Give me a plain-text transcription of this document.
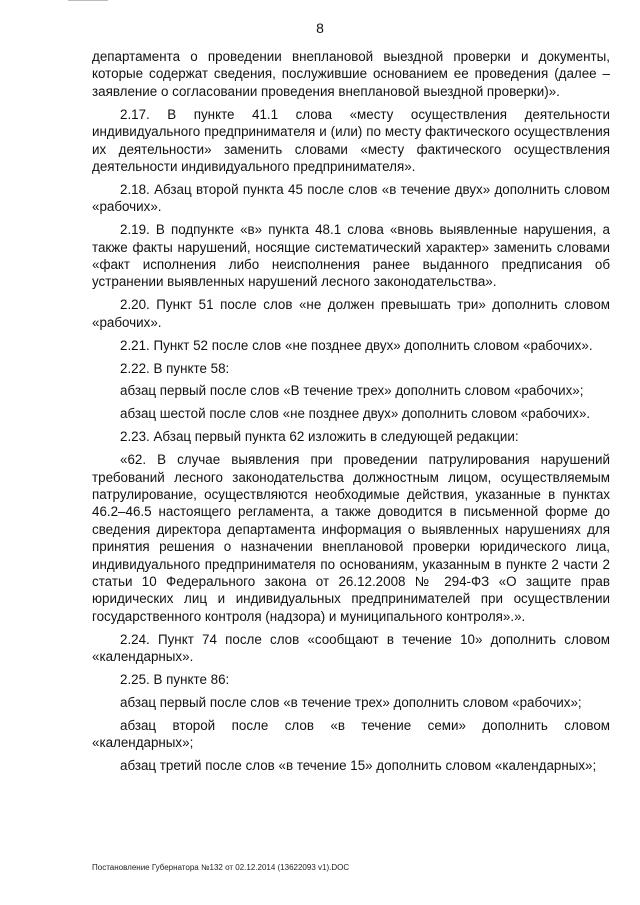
8

департамента о проведении внеплановой выездной проверки и документы, которые содержат сведения, послужившие основанием ее проведения (далее – заявление о согласовании проведения внеплановой выездной проверки)».

2.17. В пункте 41.1 слова «месту осуществления деятельности индивидуального предпринимателя и (или) по месту фактического осуществления их деятельности» заменить словами «месту фактического осуществления деятельности индивидуального предпринимателя».

2.18. Абзац второй пункта 45 после слов «в течение двух» дополнить словом «рабочих».

2.19. В подпункте «в» пункта 48.1 слова «вновь выявленные нарушения, а также факты нарушений, носящие систематический характер» заменить словами «факт исполнения либо неисполнения ранее выданного предписания об устранении выявленных нарушений лесного законодательства».

2.20. Пункт 51 после слов «не должен превышать три» дополнить словом «рабочих».

2.21. Пункт 52 после слов «не позднее двух» дополнить словом «рабочих».

2.22. В пункте 58:

абзац первый после слов «В течение трех» дополнить словом «рабочих»;

абзац шестой после слов «не позднее двух» дополнить словом «рабочих».

2.23. Абзац первый пункта 62 изложить в следующей редакции:

«62. В случае выявления при проведении патрулирования нарушений требований лесного законодательства должностным лицом, осуществляемым патрулирование, осуществляются необходимые действия, указанные в пунктах 46.2–46.5 настоящего регламента, а также доводится в письменной форме до сведения директора департамента информация о выявленных нарушениях для принятия решения о назначении внеплановой проверки юридического лица, индивидуального предпринимателя по основаниям, указанным в пункте 2 части 2 статьи 10 Федерального закона от 26.12.2008 № 294-ФЗ «О защите прав юридических лиц и индивидуальных предпринимателей при осуществлении государственного контроля (надзора) и муниципального контроля».».

2.24. Пункт 74 после слов «сообщают в течение 10» дополнить словом «календарных».

2.25. В пункте 86:

абзац первый после слов «в течение трех» дополнить словом «рабочих»;

абзац второй после слов «в течение семи» дополнить словом «календарных»;

абзац третий после слов «в течение 15» дополнить словом «календарных»;

Постановление Губернатора №132 от 02.12.2014 (13622093 v1).DOC
